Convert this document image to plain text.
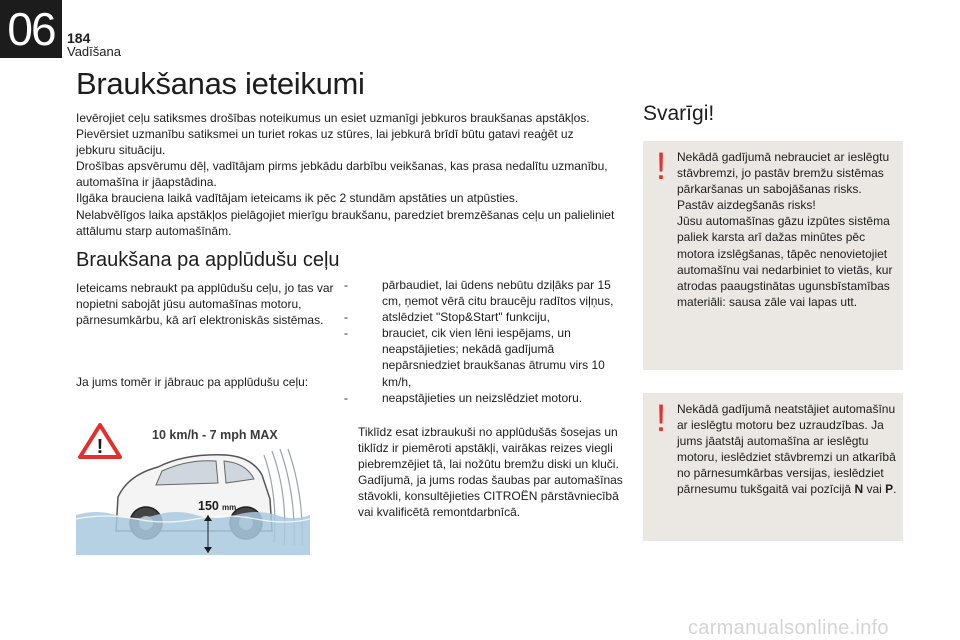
06 184
Vadīšana
Braukšanas ieteikumi

Ievērojiet ceļu satiksmes drošības noteikumus un esiet uzmanīgi jebkuros braukšanas apstākļos.

Pievērsiet uzmanību satiksmei un turiet rokas uz stūres, lai jebkurā brīdī būtu gatavi reaģēt uz jebkuru situāciju.

Drošības apsvērumu dēļ, vadītājam pirms jebkādu darbību veikšanas, kas prasa nedalītu uzmanību, automašīna ir jāapstādina.

Ilgāka brauciena laikā vadītājam ieteicams ik pēc 2 stundām apstāties un atpūsties.

Nelabvēlīgos laika apstākļos pielāgojiet mierīgu braukšanu, paredziet bremzēšanas ceļu un palieliniet attālumu starp automašīnām.

Braukšana pa applūdušu ceļu

Ieteicams nebraukt pa applūdušu ceļu, jo tas var nopietni sabojāt jūsu automašīnas motoru, pārnesumkārbu, kā arī elektroniskās sistēmas.

Ja jums tomēr ir jābrauc pa applūdušu ceļu:

!
10 km/h - 7 mph MAX
150 mm
-	pārbaudiet, lai ūdens nebūtu dziļāks par 15 cm, ņemot vērā citu braucēju radītos viļņus,
-	atslēdziet "Stop&Start" funkciju,
-	brauciet, cik vien lēni iespējams, un neapstājieties; nekādā gadījumā nepārsniedziet braukšanas ātrumu virs 10 km/h,
-	neapstājieties un neizslēdziet motoru.

Tiklīdz esat izbraukuši no applūdušās šosejas un tiklīdz ir piemēroti apstākļi, vairākas reizes viegli piebremzējiet tā, lai nožūtu bremžu diski un kluči.

Gadījumā, ja jums rodas šaubas par automašīnas stāvokli, konsultējieties CITROËN pārstāvniecībā vai kvalificētā remontdarbnīcā.

Svarīgi!
! Nekādā gadījumā nebrauciet ar ieslēgtu stāvbremzi, jo pastāv bremžu sistēmas pārkaršanas un sabojāšanas risks.

Pastāv aizdegšanās risks!

Jūsu automašīnas gāzu izpūtes sistēma paliek karsta arī dažas minūtes pēc motora izslēgšanas, tāpēc nenovietojiet automašīnu vai nedarbiniet to vietās, kur atrodas paaugstinātas ugunsbīstamības materiāli: sausa zāle vai lapas utt.

! Nekādā gadījumā neatstājiet automašīnu ar ieslēgtu motoru bez uzraudzības. Ja jums jāatstāj automašīna ar ieslēgtu motoru, ieslēdziet stāvbremzi un atkarībā no pārnesumkārbas versijas, ieslēdziet pārnesumu tukšgaitā vai pozīcijā N vai P.

carmanualsonline.info
